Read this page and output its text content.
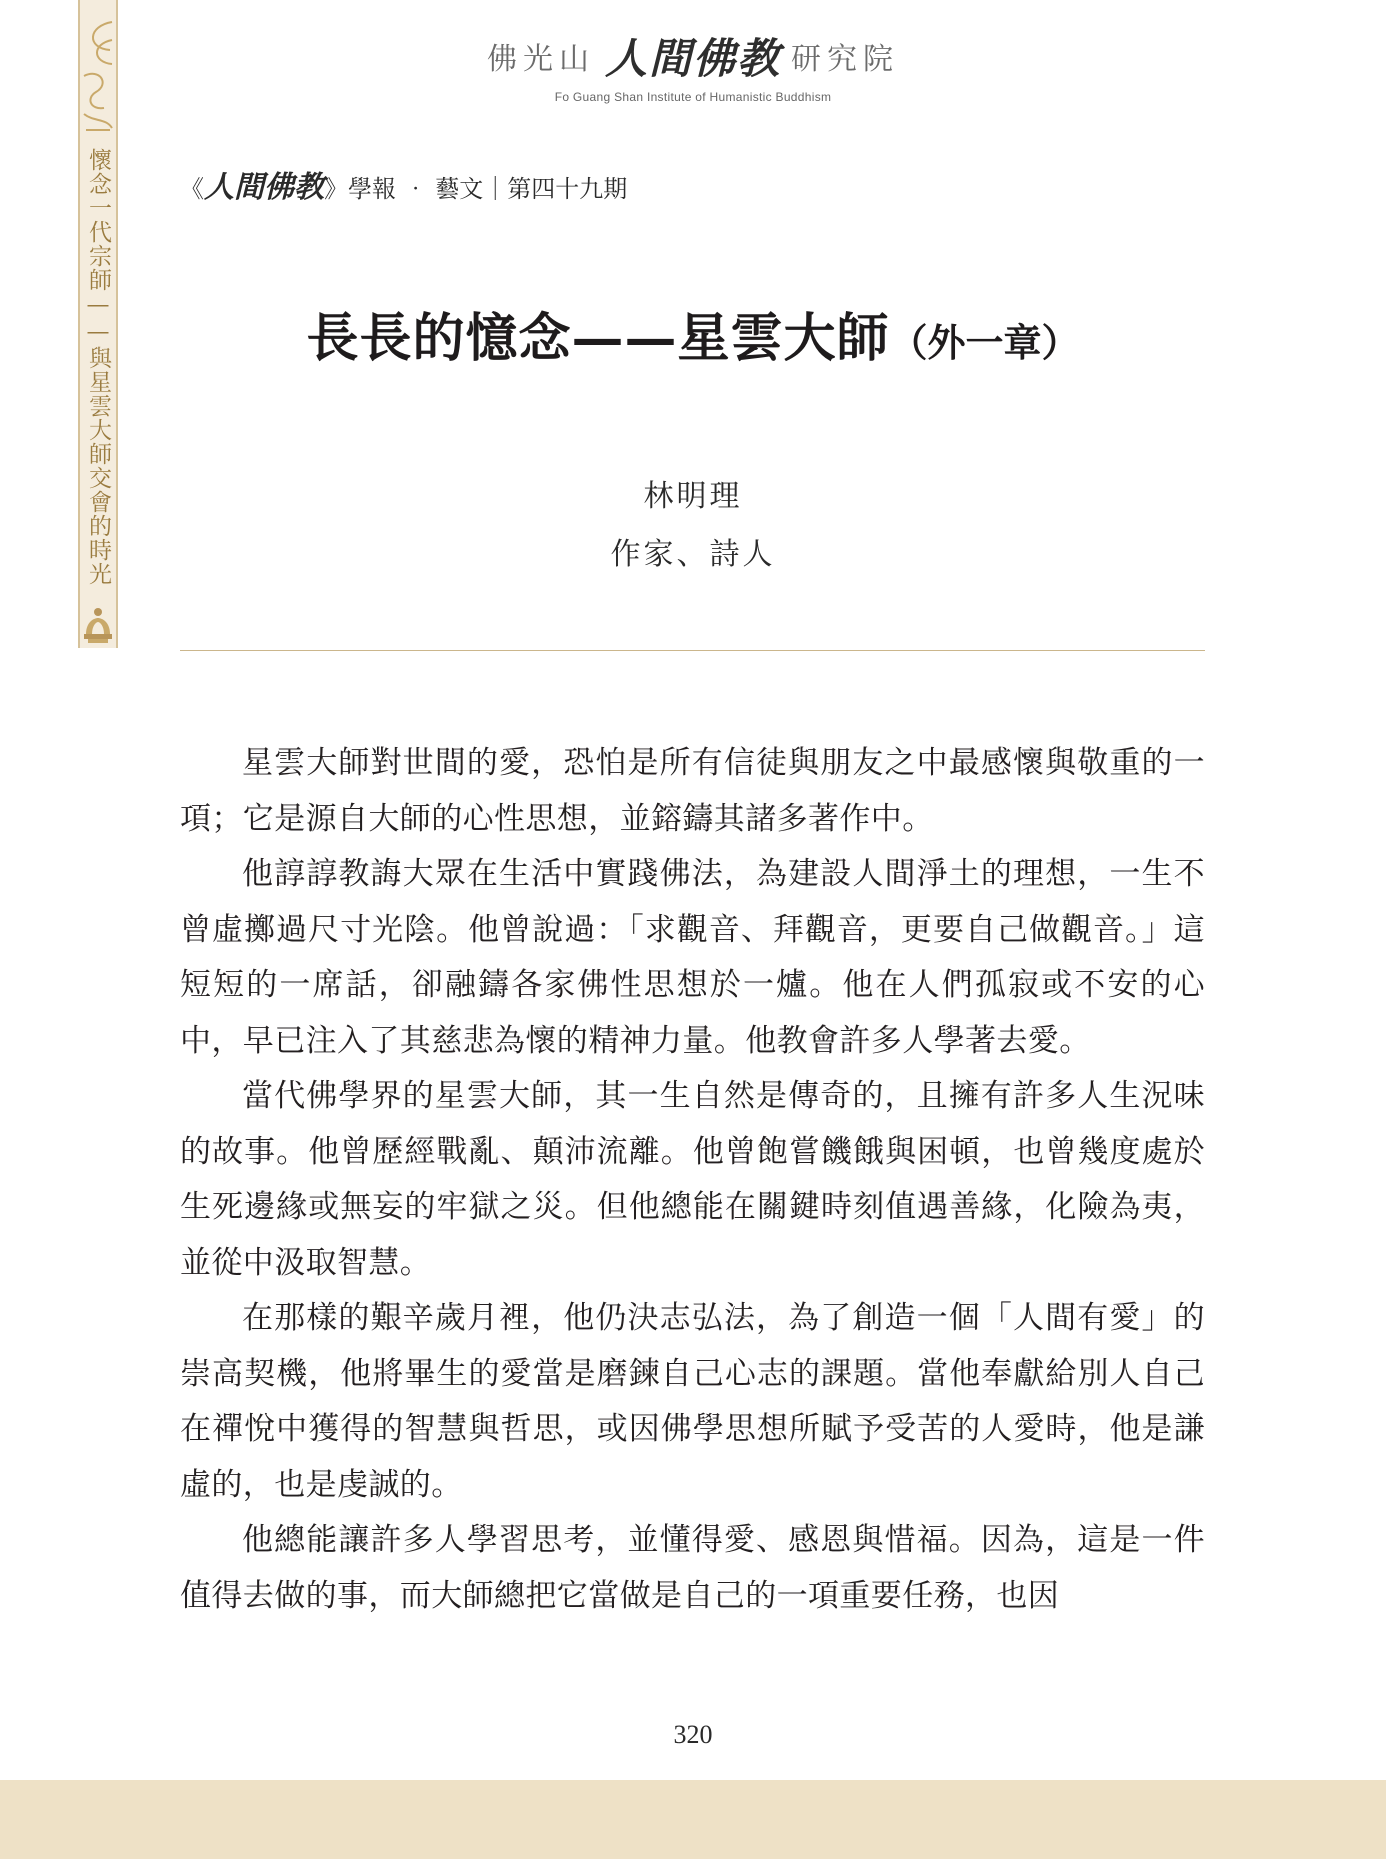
懷念一代宗師——與星雲大師交會的時光
佛光山 人間佛教 研究院
Fo Guang Shan Institute of Humanistic Buddhism
《人間佛教》學報 ‧ 藝文｜第四十九期
長長的憶念——星雲大師（外一章）
林明理
作家、詩人

星雲大師對世間的愛，恐怕是所有信徒與朋友之中最感懷與敬重的一項；它是源自大師的心性思想，並鎔鑄其諸多著作中。

他諄諄教誨大眾在生活中實踐佛法，為建設人間淨土的理想，一生不曾虛擲過尺寸光陰。他曾說過：「求觀音、拜觀音，更要自己做觀音。」這短短的一席話，卻融鑄各家佛性思想於一爐。他在人們孤寂或不安的心中，早已注入了其慈悲為懷的精神力量。他教會許多人學著去愛。

當代佛學界的星雲大師，其一生自然是傳奇的，且擁有許多人生況味的故事。他曾歷經戰亂、顛沛流離。他曾飽嘗饑餓與困頓，也曾幾度處於生死邊緣或無妄的牢獄之災。但他總能在關鍵時刻值遇善緣，化險為夷，並從中汲取智慧。

在那樣的艱辛歲月裡，他仍決志弘法，為了創造一個「人間有愛」的崇高契機，他將畢生的愛當是磨鍊自己心志的課題。當他奉獻給別人自己在禪悅中獲得的智慧與哲思，或因佛學思想所賦予受苦的人愛時，他是謙虛的，也是虔誠的。

他總能讓許多人學習思考，並懂得愛、感恩與惜福。因為，這是一件值得去做的事，而大師總把它當做是自己的一項重要任務，也因

320
